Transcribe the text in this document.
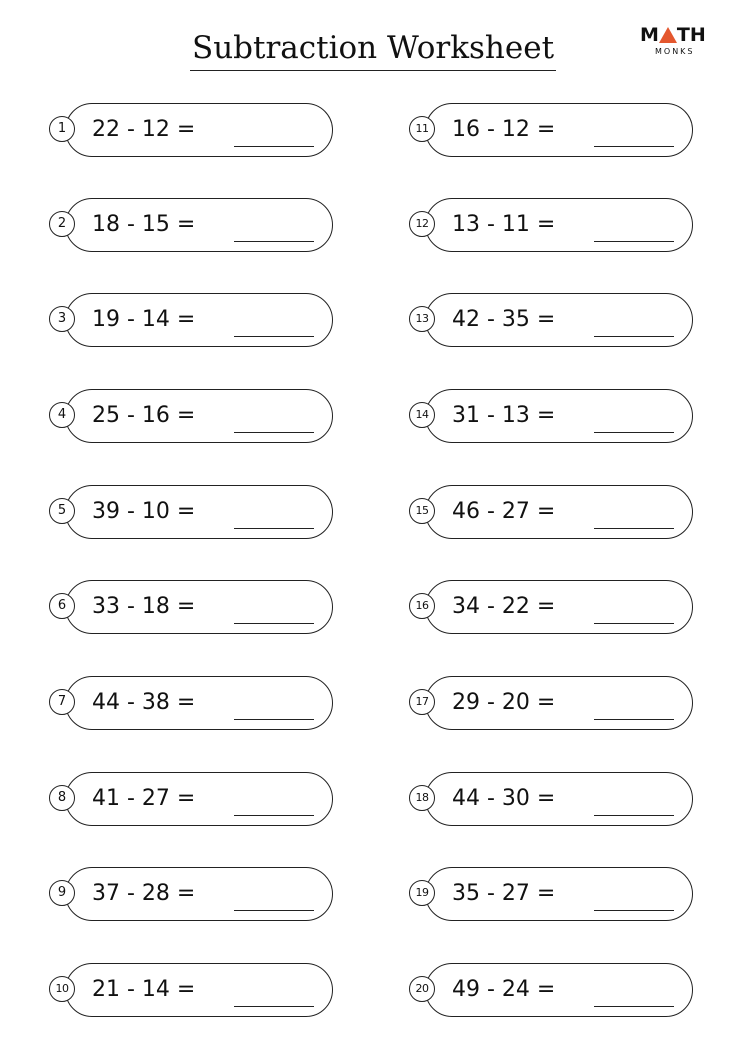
Subtraction Worksheet	M TH
MONKS
1	22 - 12 =
2	18 - 15 =
3	19 - 14 =
4	25 - 16 =
5	39 - 10 =
6	33 - 18 =
7	44 - 38 =
8	41 - 27 =
9	37 - 28 =
10 21 - 14 =
11 16 - 12 =
12 13 - 11 =
13 42 - 35 =
14 31 - 13 =
15 46 - 27 =
16 34 - 22 =
17 29 - 20 =
18 44 - 30 =
19 35 - 27 =
20 49 - 24 =
